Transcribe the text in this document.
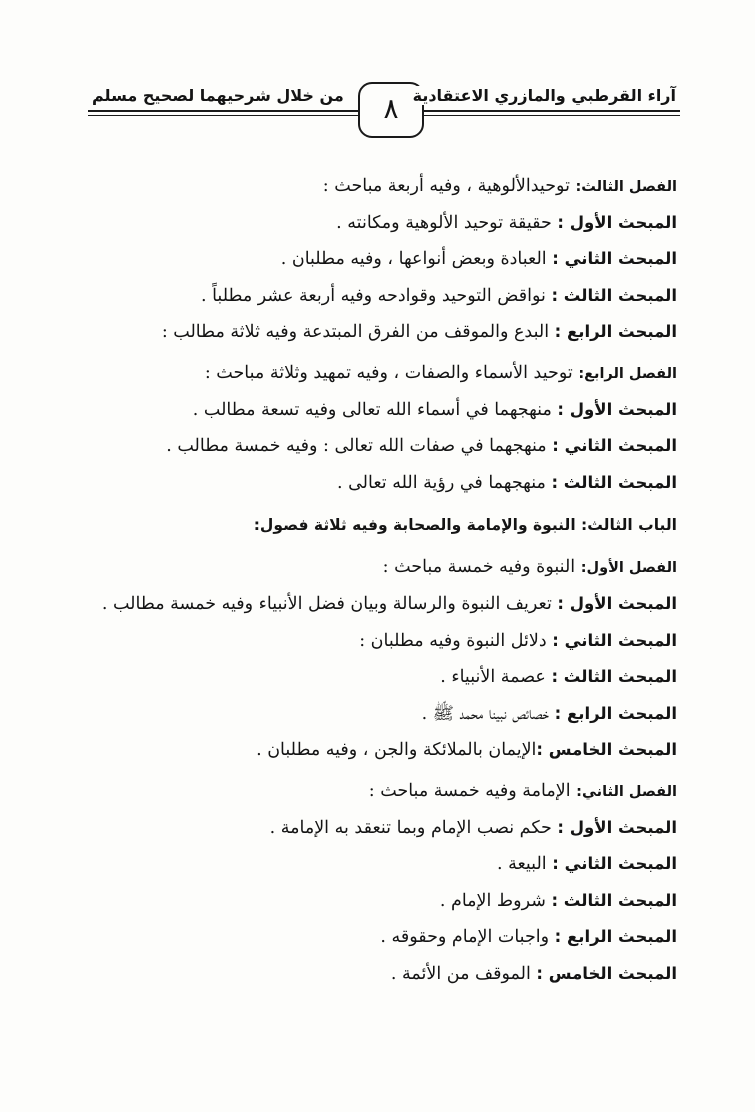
من خلال شرحيهما لصحيح مسلم	٨ آراء القرطبي والمازري الاعتقادية
الفصل الثالث: توحيدالألوهية ، وفيه أربعة مباحث :
المبحث الأول : حقيقة توحيد الألوهية ومكانته .
المبحث الثاني : العبادة وبعض أنواعها ، وفيه مطلبان .
المبحث الثالث : نواقض التوحيد وقوادحه وفيه أربعة عشر مطلباً .
المبحث الرابع : البدع والموقف من الفرق المبتدعة وفيه ثلاثة مطالب :
الفصل الرابع: توحيد الأسماء والصفات ، وفيه تمهيد وثلاثة مباحث :
المبحث الأول : منهجهما في أسماء الله تعالى وفيه تسعة مطالب .
المبحث الثاني : منهجهما في صفات الله تعالى : وفيه خمسة مطالب .
المبحث الثالث : منهجهما في رؤية الله تعالى .
الباب الثالث: النبوة والإمامة والصحابة وفيه ثلاثة فصول:
الفصل الأول: النبوة وفيه خمسة مباحث :
المبحث الأول : تعريف النبوة والرسالة وبيان فضل الأنبياء وفيه خمسة مطالب .
المبحث الثاني : دلائل النبوة وفيه مطلبان :
المبحث الثالث : عصمة الأنبياء .
المبحث الرابع : خصائص نبينا محمد ﷺ .
المبحث الخامس :الإيمان بالملائكة والجن ، وفيه مطلبان .
الفصل الثاني: الإمامة وفيه خمسة مباحث :
المبحث الأول : حكم نصب الإمام وبما تنعقد به الإمامة .
المبحث الثاني : البيعة .
المبحث الثالث : شروط الإمام .
المبحث الرابع : واجبات الإمام وحقوقه .
المبحث الخامس : الموقف من الأئمة .
